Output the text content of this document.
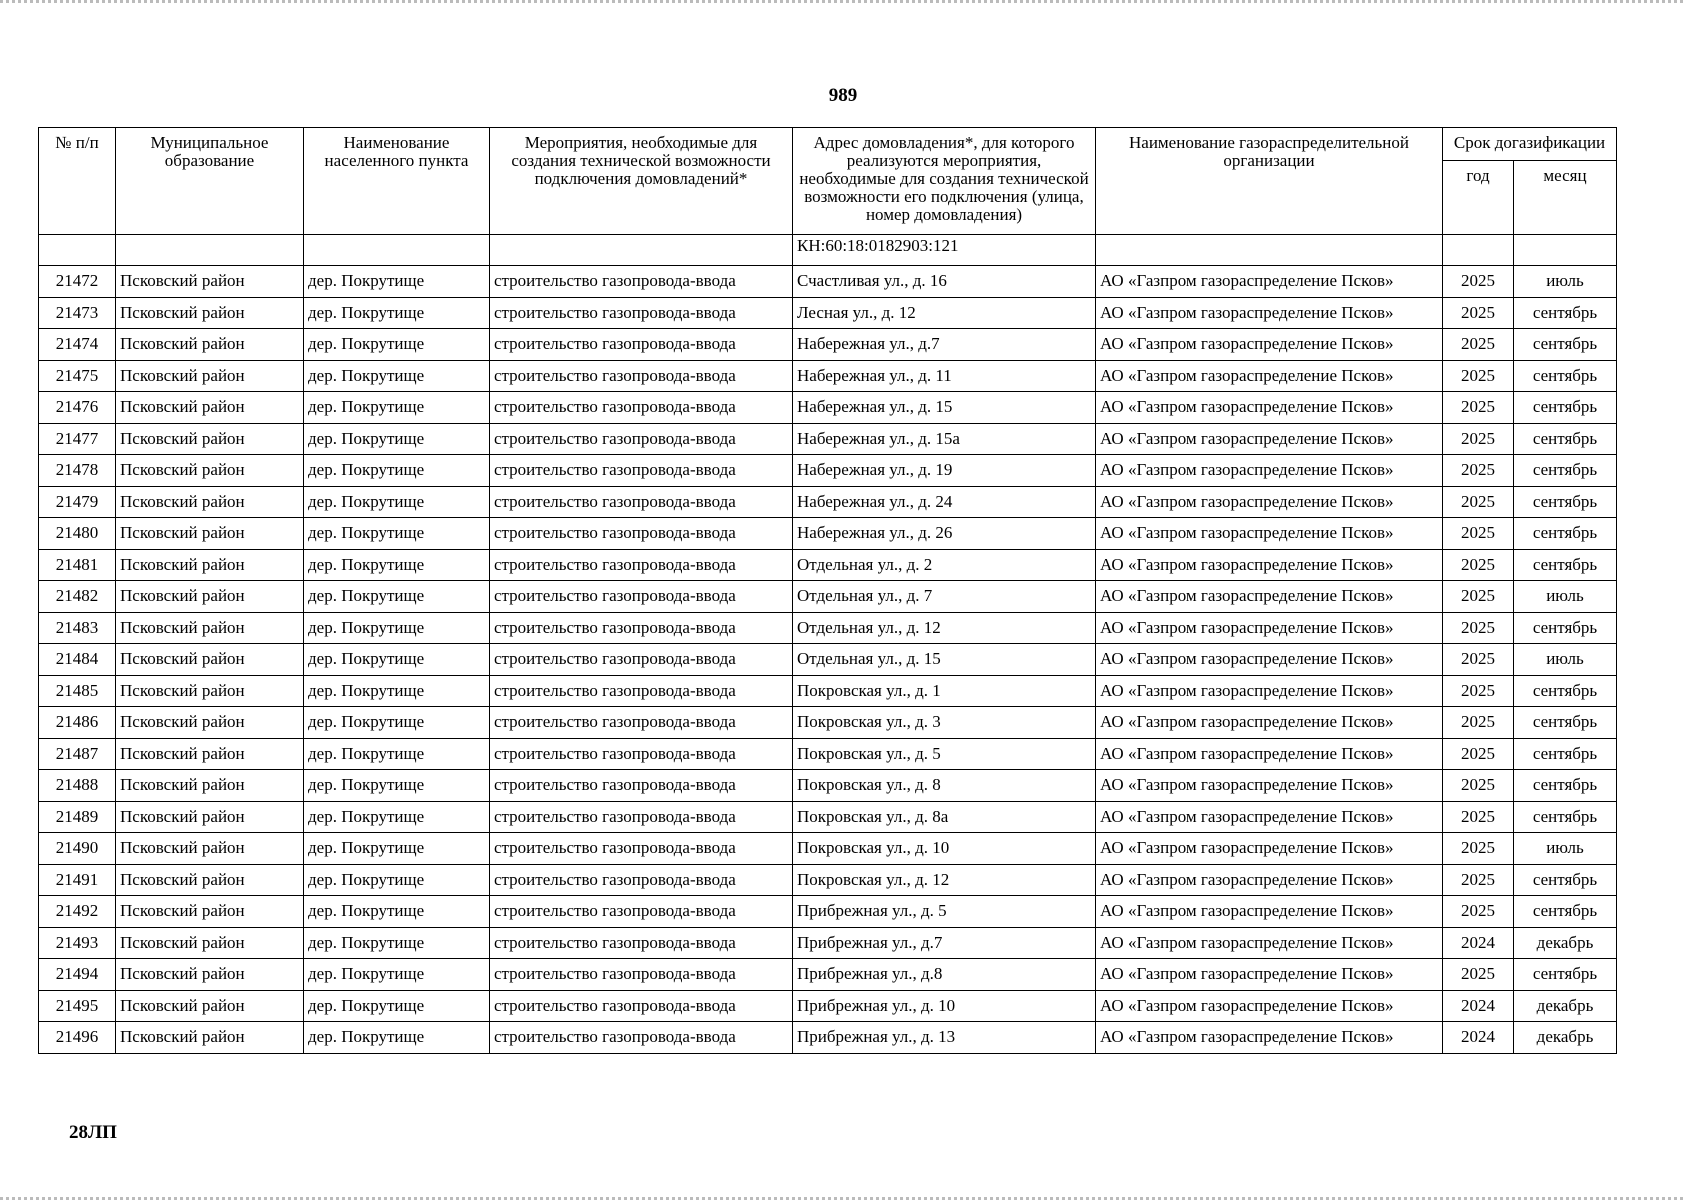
989
№ п/п	Муниципальное образование	Наименование населенного пункта	Мероприятия, необходимые для создания технической возможности подключения домовладений*	Адрес домовладения*, для которого реализуются мероприятия, необходимые для создания технической возможности его подключения (улица, номер домовладения)	Наименование газораспределительной организации	Срок догазификации	
						год	месяц
				КН:60:18:0182903:121			
21472	Псковский район	дер. Покрутище	строительство газопровода-ввода	Счастливая ул., д. 16	АО «Газпром газораспределение Псков»	2025	июль
21473	Псковский район	дер. Покрутище	строительство газопровода-ввода	Лесная ул., д. 12	АО «Газпром газораспределение Псков»	2025	сентябрь
21474	Псковский район	дер. Покрутище	строительство газопровода-ввода	Набережная ул., д.7	АО «Газпром газораспределение Псков»	2025	сентябрь
21475	Псковский район	дер. Покрутище	строительство газопровода-ввода	Набережная ул., д. 11	АО «Газпром газораспределение Псков»	2025	сентябрь
21476	Псковский район	дер. Покрутище	строительство газопровода-ввода	Набережная ул., д. 15	АО «Газпром газораспределение Псков»	2025	сентябрь
21477	Псковский район	дер. Покрутище	строительство газопровода-ввода	Набережная ул., д. 15а	АО «Газпром газораспределение Псков»	2025	сентябрь
21478	Псковский район	дер. Покрутище	строительство газопровода-ввода	Набережная ул., д. 19	АО «Газпром газораспределение Псков»	2025	сентябрь
21479	Псковский район	дер. Покрутище	строительство газопровода-ввода	Набережная ул., д. 24	АО «Газпром газораспределение Псков»	2025	сентябрь
21480	Псковский район	дер. Покрутище	строительство газопровода-ввода	Набережная ул., д. 26	АО «Газпром газораспределение Псков»	2025	сентябрь
21481	Псковский район	дер. Покрутище	строительство газопровода-ввода	Отдельная ул., д. 2	АО «Газпром газораспределение Псков»	2025	сентябрь
21482	Псковский район	дер. Покрутище	строительство газопровода-ввода	Отдельная ул., д. 7	АО «Газпром газораспределение Псков»	2025	июль
21483	Псковский район	дер. Покрутище	строительство газопровода-ввода	Отдельная ул., д. 12	АО «Газпром газораспределение Псков»	2025	сентябрь
21484	Псковский район	дер. Покрутище	строительство газопровода-ввода	Отдельная ул., д. 15	АО «Газпром газораспределение Псков»	2025	июль
21485	Псковский район	дер. Покрутище	строительство газопровода-ввода	Покровская ул., д. 1	АО «Газпром газораспределение Псков»	2025	сентябрь
21486	Псковский район	дер. Покрутище	строительство газопровода-ввода	Покровская ул., д. 3	АО «Газпром газораспределение Псков»	2025	сентябрь
21487	Псковский район	дер. Покрутище	строительство газопровода-ввода	Покровская ул., д. 5	АО «Газпром газораспределение Псков»	2025	сентябрь
21488	Псковский район	дер. Покрутище	строительство газопровода-ввода	Покровская ул., д. 8	АО «Газпром газораспределение Псков»	2025	сентябрь
21489	Псковский район	дер. Покрутище	строительство газопровода-ввода	Покровская ул., д. 8а	АО «Газпром газораспределение Псков»	2025	сентябрь
21490	Псковский район	дер. Покрутище	строительство газопровода-ввода	Покровская ул., д. 10	АО «Газпром газораспределение Псков»	2025	июль
21491	Псковский район	дер. Покрутище	строительство газопровода-ввода	Покровская ул., д. 12	АО «Газпром газораспределение Псков»	2025	сентябрь
21492	Псковский район	дер. Покрутище	строительство газопровода-ввода	Прибрежная ул., д. 5	АО «Газпром газораспределение Псков»	2025	сентябрь
21493	Псковский район	дер. Покрутище	строительство газопровода-ввода	Прибрежная ул., д.7	АО «Газпром газораспределение Псков»	2024	декабрь
21494	Псковский район	дер. Покрутище	строительство газопровода-ввода	Прибрежная ул., д.8	АО «Газпром газораспределение Псков»	2025	сентябрь
21495	Псковский район	дер. Покрутище	строительство газопровода-ввода	Прибрежная ул., д. 10	АО «Газпром газораспределение Псков»	2024	декабрь
21496	Псковский район	дер. Покрутище	строительство газопровода-ввода	Прибрежная ул., д. 13	АО «Газпром газораспределение Псков»	2024	декабрь
28ЛП
